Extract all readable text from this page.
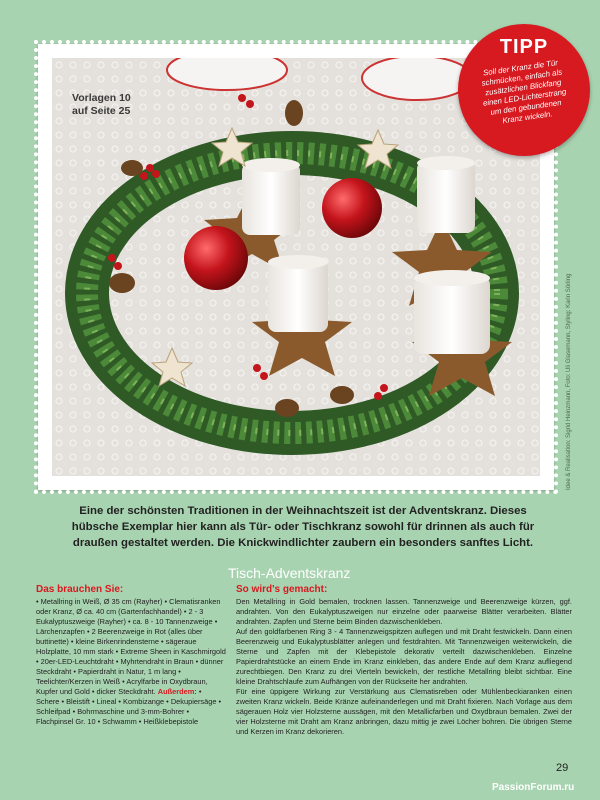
Vorlagen 10
auf Seite 25
Idee & Realisation: Sigrid Heinzmann, Foto: Uli Glasemann, Styling: Karin Sörling
TIPP

Soll der Kranz die Tür schmücken, einfach als zusätzlichen Blickfang einen LED-Lichterstrang um den gebundenen Kranz wickeln.

Eine der schönsten Traditionen in der Weihnachtszeit ist der Adventskranz. Dieses hübsche Exemplar hier kann als Tür- oder Tischkranz sowohl für drinnen als auch für draußen gestaltet werden. Die Knickwindlichter zaubern ein besonders sanftes Licht.
Tisch-Adventskranz
Das brauchen Sie:

• Metallring in Weiß, Ø 35 cm (Rayher) • Clematisranken oder Kranz, Ø ca. 40 cm (Gartenfachhandel) • 2 - 3 Eukalyptuszweige (Rayher) • ca. 8 - 10 Tannenzweige • Lärchenzapfen • 2 Beerenzweige in Rot (alles über buttinette) • kleine Birkenrindensterne • sägeraue Holzplatte, 10 mm stark • Extreme Sheen in Kaschmirgold • 20er-LED-Leuchtdraht • Myhrtendraht in Braun • dünner Steckdraht • Papierdraht in Natur, 1 m lang • Teelichter/Kerzen in Weiß • Acrylfarbe in Oxydbraun, Kupfer und Gold • dicker Steckdraht. Außerdem: • Schere • Bleistift • Lineal • Kombizange • Dekupiersäge • Schleifpad • Bohrmaschine und 3-mm-Bohrer • Flachpinsel Gr. 10 • Schwamm • Heißklebepistole

So wird's gemacht:

Den Metallring in Gold bemalen, trocknen lassen. Tannenzweige und Beerenzweige kürzen, ggf. andrahten. Von den Eukalyptuszweigen nur einzelne oder paarweise Blätter verarbeiten. Blätter andrahten. Zapfen und Sterne beim Binden dazwischenkleben.

Auf den goldfarbenen Ring 3 - 4 Tannenzweigspitzen auflegen und mit Draht festwickeln. Dann einen Beerenzweig und Eukalyptusblätter anlegen und festdrahten. Mit Tannenzweigen weiterwickeln, die Sterne und Zapfen mit der Klebepistole dekorativ verteilt dazwischenkleben. Einzelne Papierdrahtstücke an einem Ende im Kranz einkleben, das andere Ende auf dem Kranz aufliegend zurechtbiegen. Den Kranz zu drei Vierteln bewickeln, der restliche Metallring bleibt sichtbar. Eine kleine Drahtschlaufe zum Aufhängen von der Rückseite her andrahten.

Für eine üppigere Wirkung zur Verstärkung aus Clematisreben oder Mühlenbeckiaranken einen zweiten Kranz wickeln. Beide Kränze aufeinanderlegen und mit Draht fixieren. Nach Vorlage aus dem sägerauen Holz vier Holzsterne aussägen, mit den Metallicfarben und Oxydbraun bemalen. Zwei der vier Holzsterne mit Draht am Kranz anbringen, dazu mittig je zwei Löcher bohren. Die übrigen Sterne und Kerzen im Kranz dekorieren.

29
PassionForum.ru
